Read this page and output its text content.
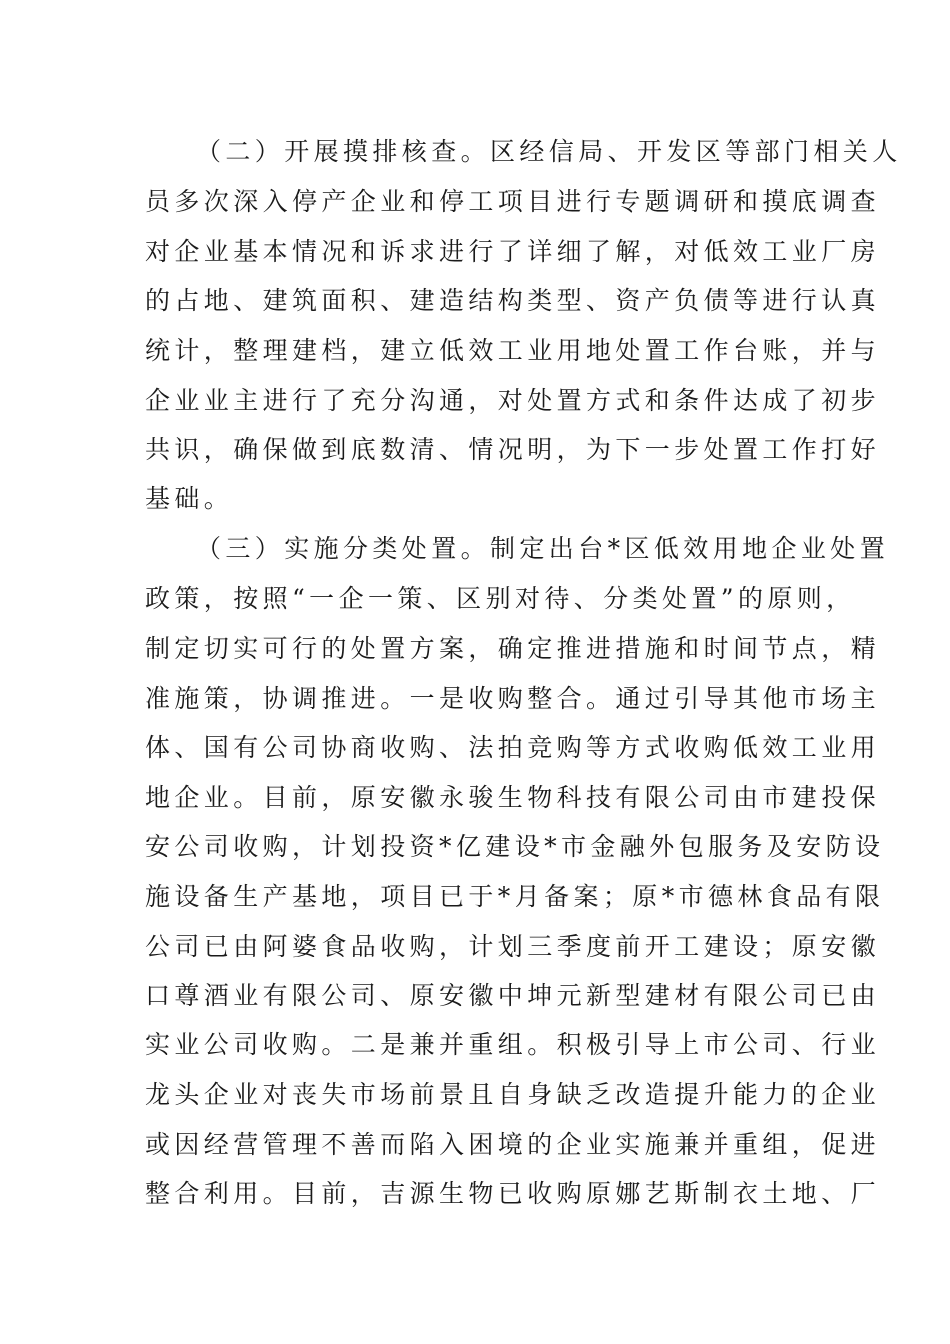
（二）开展摸排核查。区经信局、开发区等部门相关人
员多次深入停产企业和停工项目进行专题调研和摸底调查
对企业基本情况和诉求进行了详细了解，对低效工业厂房
的占地、建筑面积、建造结构类型、资产负债等进行认真
统计，整理建档，建立低效工业用地处置工作台账，并与
企业业主进行了充分沟通，对处置方式和条件达成了初步
共识，确保做到底数清、情况明，为下一步处置工作打好
基础。
（三）实施分类处置。制定出台*区低效用地企业处置
政策，按照“一企一策、区别对待、分类处置”的原则，
制定切实可行的处置方案，确定推进措施和时间节点，精
准施策，协调推进。一是收购整合。通过引导其他市场主
体、国有公司协商收购、法拍竞购等方式收购低效工业用
地企业。目前，原安徽永骏生物科技有限公司由市建投保
安公司收购，计划投资*亿建设*市金融外包服务及安防设
施设备生产基地，项目已于*月备案；原*市德林食品有限
公司已由阿婆食品收购，计划三季度前开工建设；原安徽
口尊酒业有限公司、原安徽中坤元新型建材有限公司已由
实业公司收购。二是兼并重组。积极引导上市公司、行业
龙头企业对丧失市场前景且自身缺乏改造提升能力的企业
或因经营管理不善而陷入困境的企业实施兼并重组，促进
整合利用。目前，吉源生物已收购原娜艺斯制衣土地、厂
